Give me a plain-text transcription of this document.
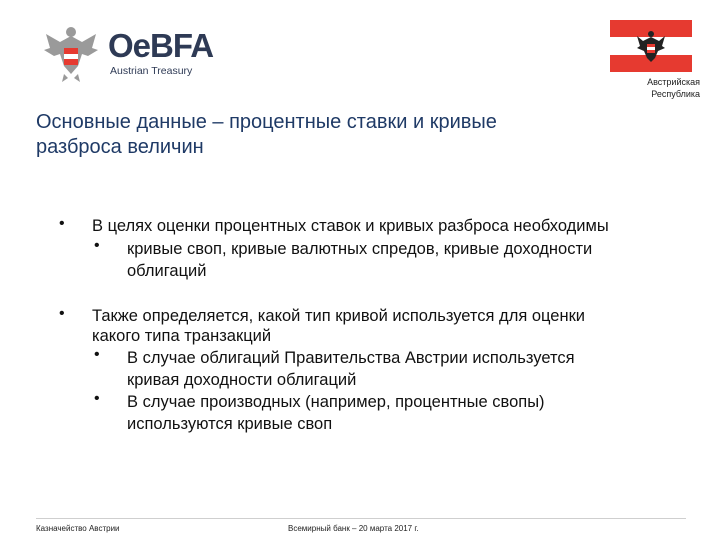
OeBFA
Austrian Treasury
Австрийская
Республика
Основные данные – процентные ставки и кривые
разброса величин
• В целях оценки процентных ставок и кривых разброса необходимы
• кривые своп, кривые валютных спредов, кривые доходности
облигаций
• Также определяется, какой тип кривой используется для оценки
какого типа транзакций
• В случае облигаций Правительства Австрии используется
кривая доходности облигаций
• В случае производных (например, процентные свопы)
используются кривые своп
Казначейство Австрии	Всемирный банк – 20 марта 2017 г.
